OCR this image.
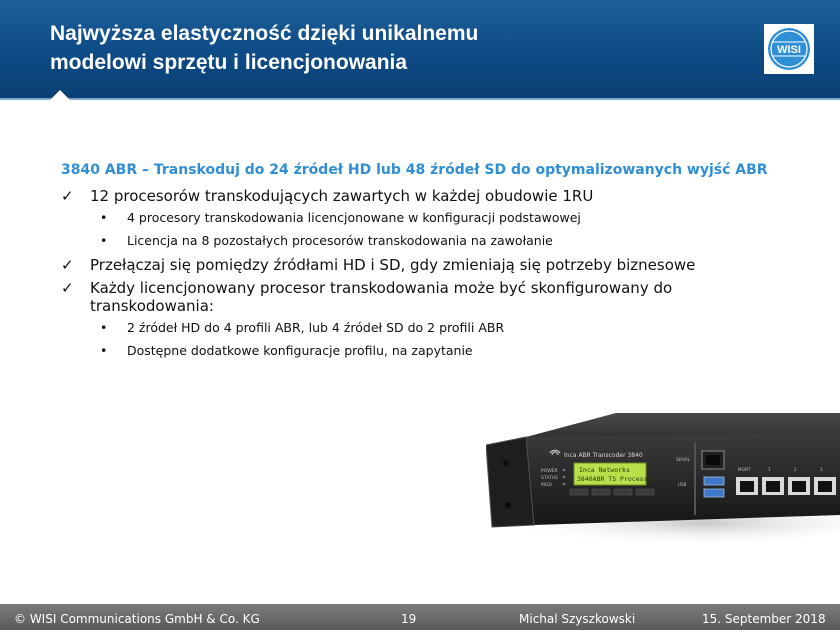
Najwyższa elastyczność dzięki unikalnemu
modelowi sprzętu i licencjonowania
WISI
3840 ABR – Transkoduj do 24 źródeł HD lub 48 źródeł SD do optymalizowanych wyjść ABR
✓ 12 procesorów transkodujących zawartych w każdej obudowie 1RU
• 4 procesory transkodowania licencjonowane w konfiguracji podstawowej
• Licencja na 8 pozostałych procesorów transkodowania na zawołanie
✓ Przełączaj się pomiędzy źródłami HD i SD, gdy zmieniają się potrzeby biznesowe
✓ Każdy licencjonowany procesor transkodowania może być skonfigurowany do
transkodowania:
• 2 źródeł HD do 4 profili ABR, lub 4 źródeł SD do 2 profili ABR
• Dostępne dodatkowe konfiguracje profilu, na zapytanie
Inca ABR Transcoder 3840
POWER
STATUS
MGD
Inca Networks
3840ABR TS Processor
SERIAL
USB
MGMT	1	2	3
© WISI Communications GmbH & Co. KG	19	Michal Szyszkowski	15. September 2018
